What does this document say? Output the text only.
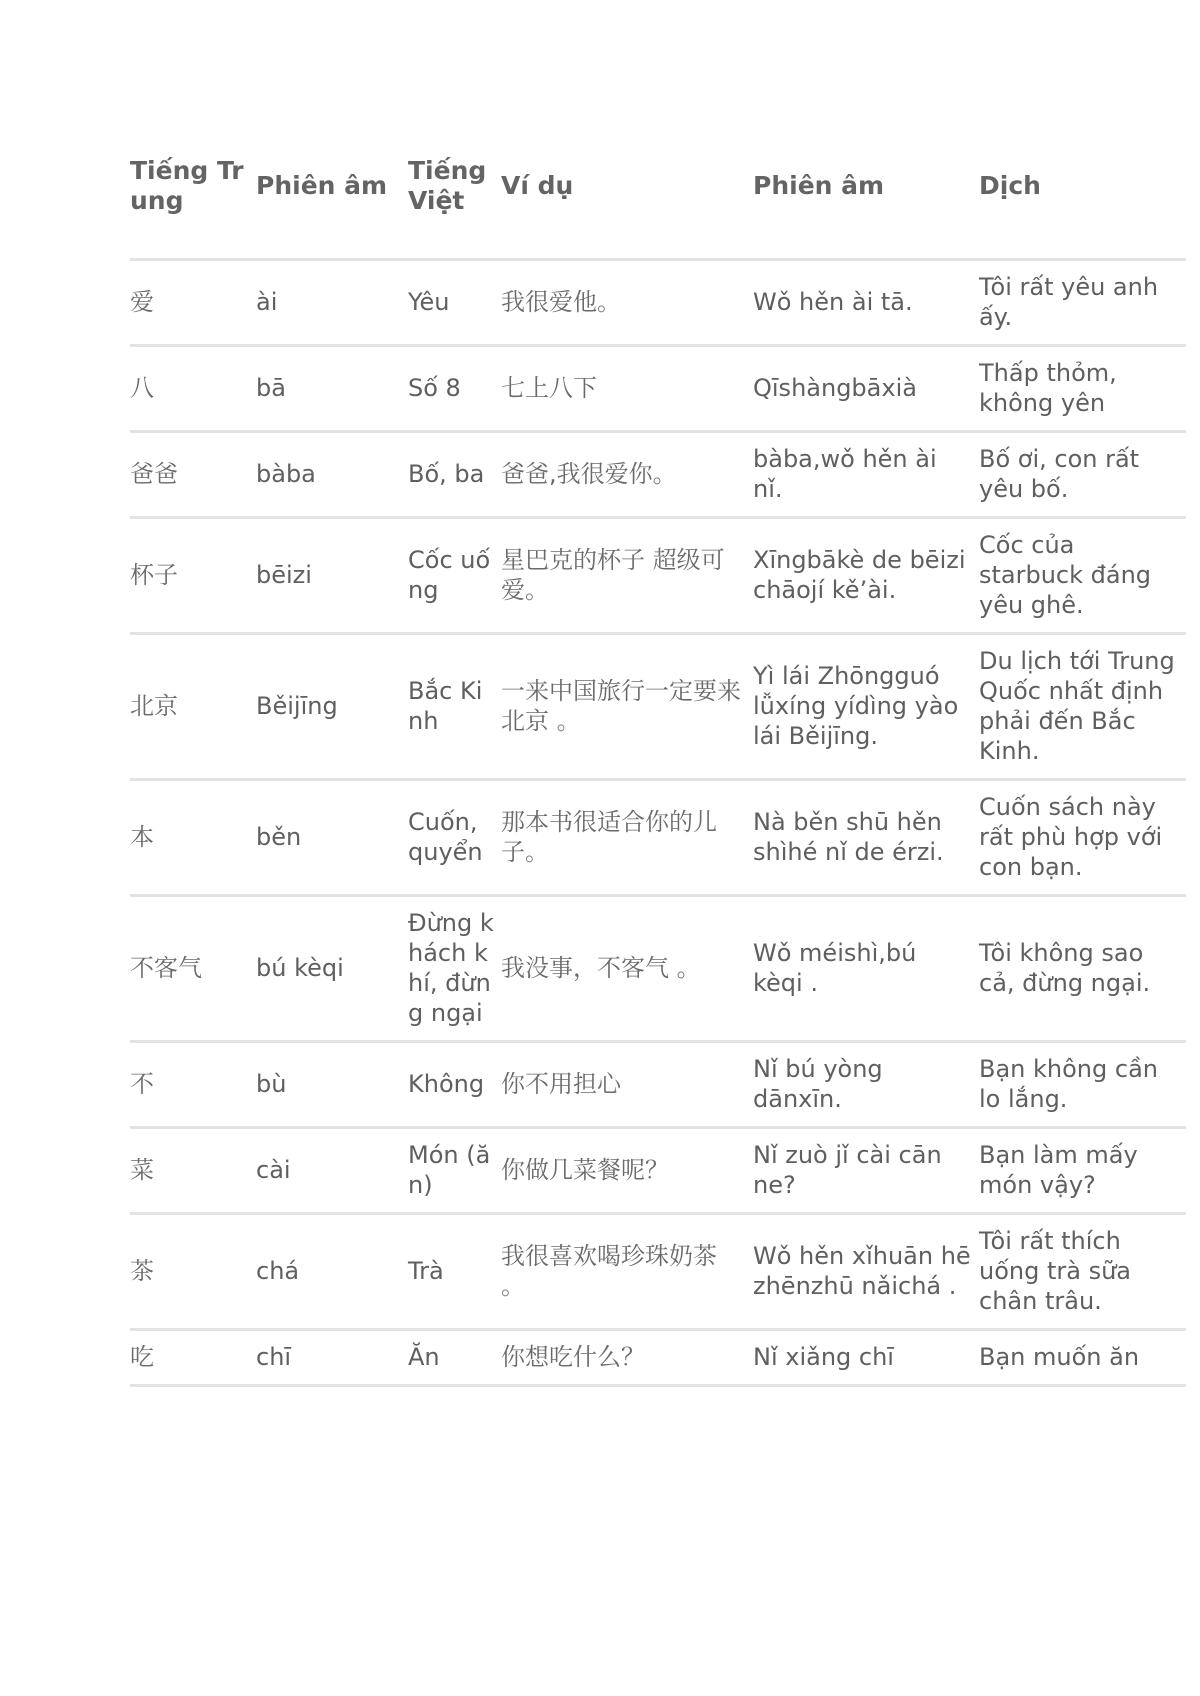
Tiếng Trung	Phiên âm	Tiếng Việt	Ví dụ	Phiên âm	Dịch
爱	ài	Yêu	我很爱他。	Wǒ hěn ài tā.	Tôi rất yêu anh ấy.
八	bā	Số 8	七上八下	Qīshàngbāxià	Thấp thỏm, không yên
爸爸	bàba	Bố, ba	爸爸,我很爱你。	bàba,wǒ hěn ài nǐ.	Bố ơi, con rất yêu bố.
杯子	bēizi	Cốc uống	星巴克的杯子 超级可爱。	Xīngbākè de bēizi chāojí kě’ài.	Cốc của starbuck đáng yêu ghê.
北京	Běijīng	Bắc Kinh	一来中国旅行一定要来北京 。	Yì lái Zhōngguó lǚxíng yídìng yào lái Běijīng.	Du lịch tới Trung Quốc nhất định phải đến Bắc Kinh.
本	běn	Cuốn, quyển	那本书很适合你的儿子。	Nà běn shū hěn shìhé nǐ de érzi.	Cuốn sách này rất phù hợp với con bạn.
不客气	bú kèqi	Đừng khách khí, đừng ngại	我没事，不客气 。	Wǒ méishì,bú kèqi .	Tôi không sao cả, đừng ngại.
不	bù	Không	你不用担心	Nǐ bú yòng dānxīn.	Bạn không cần lo lắng.
菜	cài	Món (ăn)	你做几菜餐呢？	Nǐ zuò jǐ cài cān ne?	Bạn làm mấy món vậy?
茶	chá	Trà	我很喜欢喝珍珠奶茶 。	Wǒ hěn xǐhuān hē zhēnzhū nǎichá .	Tôi rất thích uống trà sữa chân trâu.
吃	chī	Ăn	你想吃什么？	Nǐ xiǎng chī	Bạn muốn ăn
